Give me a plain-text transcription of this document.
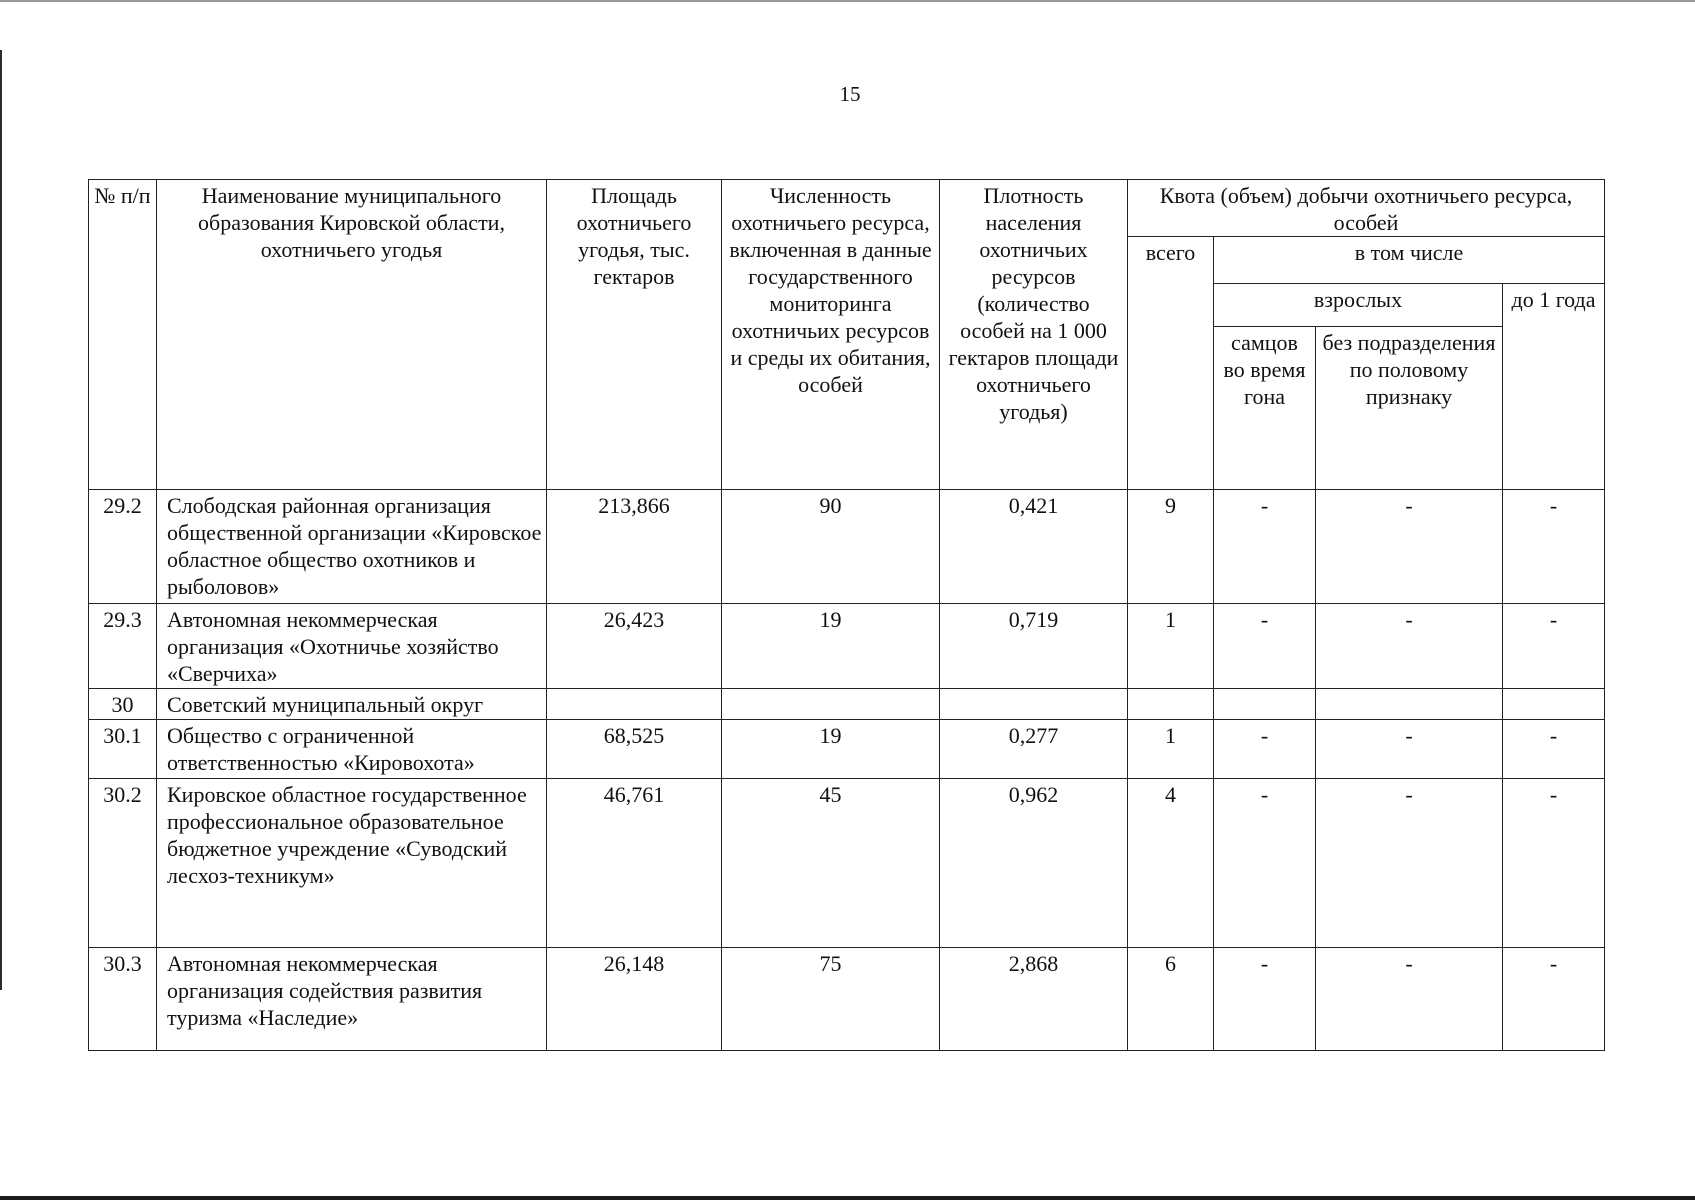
15
№ п/п	Наименование муниципального образования Кировской области, охотничьего угодья	Площадь охотничьего угодья, тыс. гектаров	Численность охотничьего ресурса, включенная в данные государственного мониторинга охотничьих ресурсов и среды их обитания, особей	Плотность населения охотничьих ресурсов (количество особей на 1 000 гектаров площади охотничьего угодья)	Квота (объем) добычи охотничьего ресурса, особей			
					всего	в том числе		
						взрослых		до 1 года
						самцов во время гона	без подразделения по половому признаку	
29.2	Слободская районная организация общественной организации «Кировское областное общество охотников и рыболовов»	213,866	90	0,421	9	-	-	-
29.3	Автономная некоммерческая организация «Охотничье хозяйство «Сверчиха»	26,423	19	0,719	1	-	-	-
30	Советский муниципальный округ							
30.1	Общество с ограниченной ответственностью «Кировохота»	68,525	19	0,277	1	-	-	-
30.2	Кировское областное государственное профессиональное образовательное бюджетное учреждение «Суводский лесхоз-техникум»	46,761	45	0,962	4	-	-	-
30.3	Автономная некоммерческая организация содействия развития туризма «Наследие»	26,148	75	2,868	6	-	-	-
